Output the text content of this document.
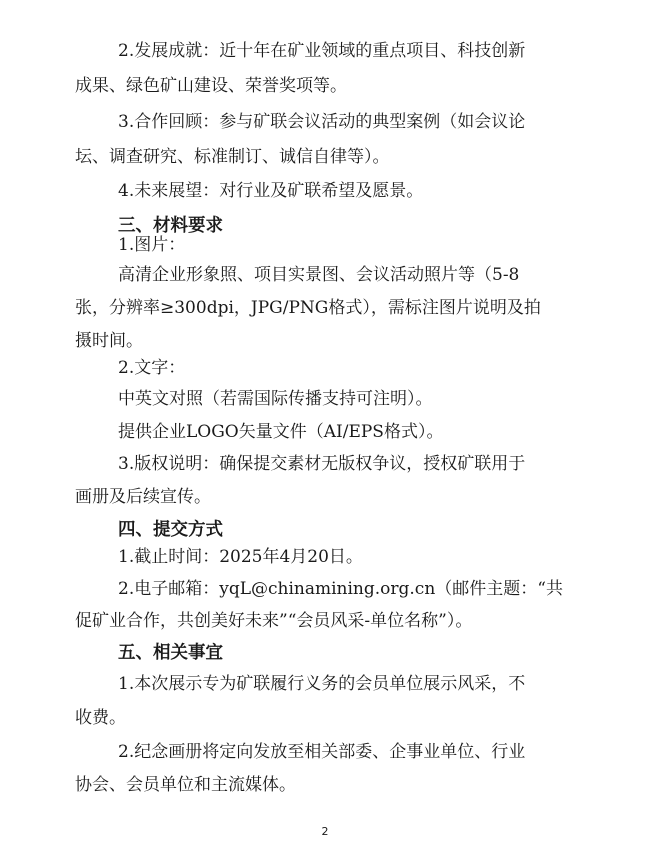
2.发展成就：近十年在矿业领域的重点项目、科技创新
成果、绿色矿山建设、荣誉奖项等。
3.合作回顾：参与矿联会议活动的典型案例（如会议论
坛、调查研究、标准制订、诚信自律等）。
4.未来展望：对行业及矿联希望及愿景。
三、材料要求
1.图片：
高清企业形象照、项目实景图、会议活动照片等（5-8
张，分辨率≥300dpi，JPG/PNG格式），需标注图片说明及拍
摄时间。
2.文字：
中英文对照（若需国际传播支持可注明）。
提供企业LOGO矢量文件（AI/EPS格式）。
3.版权说明：确保提交素材无版权争议，授权矿联用于
画册及后续宣传。
四、提交方式
1.截止时间：2025年4月20日。
2.电子邮箱：yqL@chinamining.org.cn（邮件主题：“共
促矿业合作，共创美好未来”“会员风采-单位名称”）。
五、相关事宜
1.本次展示专为矿联履行义务的会员单位展示风采，不
收费。
2.纪念画册将定向发放至相关部委、企事业单位、行业
协会、会员单位和主流媒体。
2
